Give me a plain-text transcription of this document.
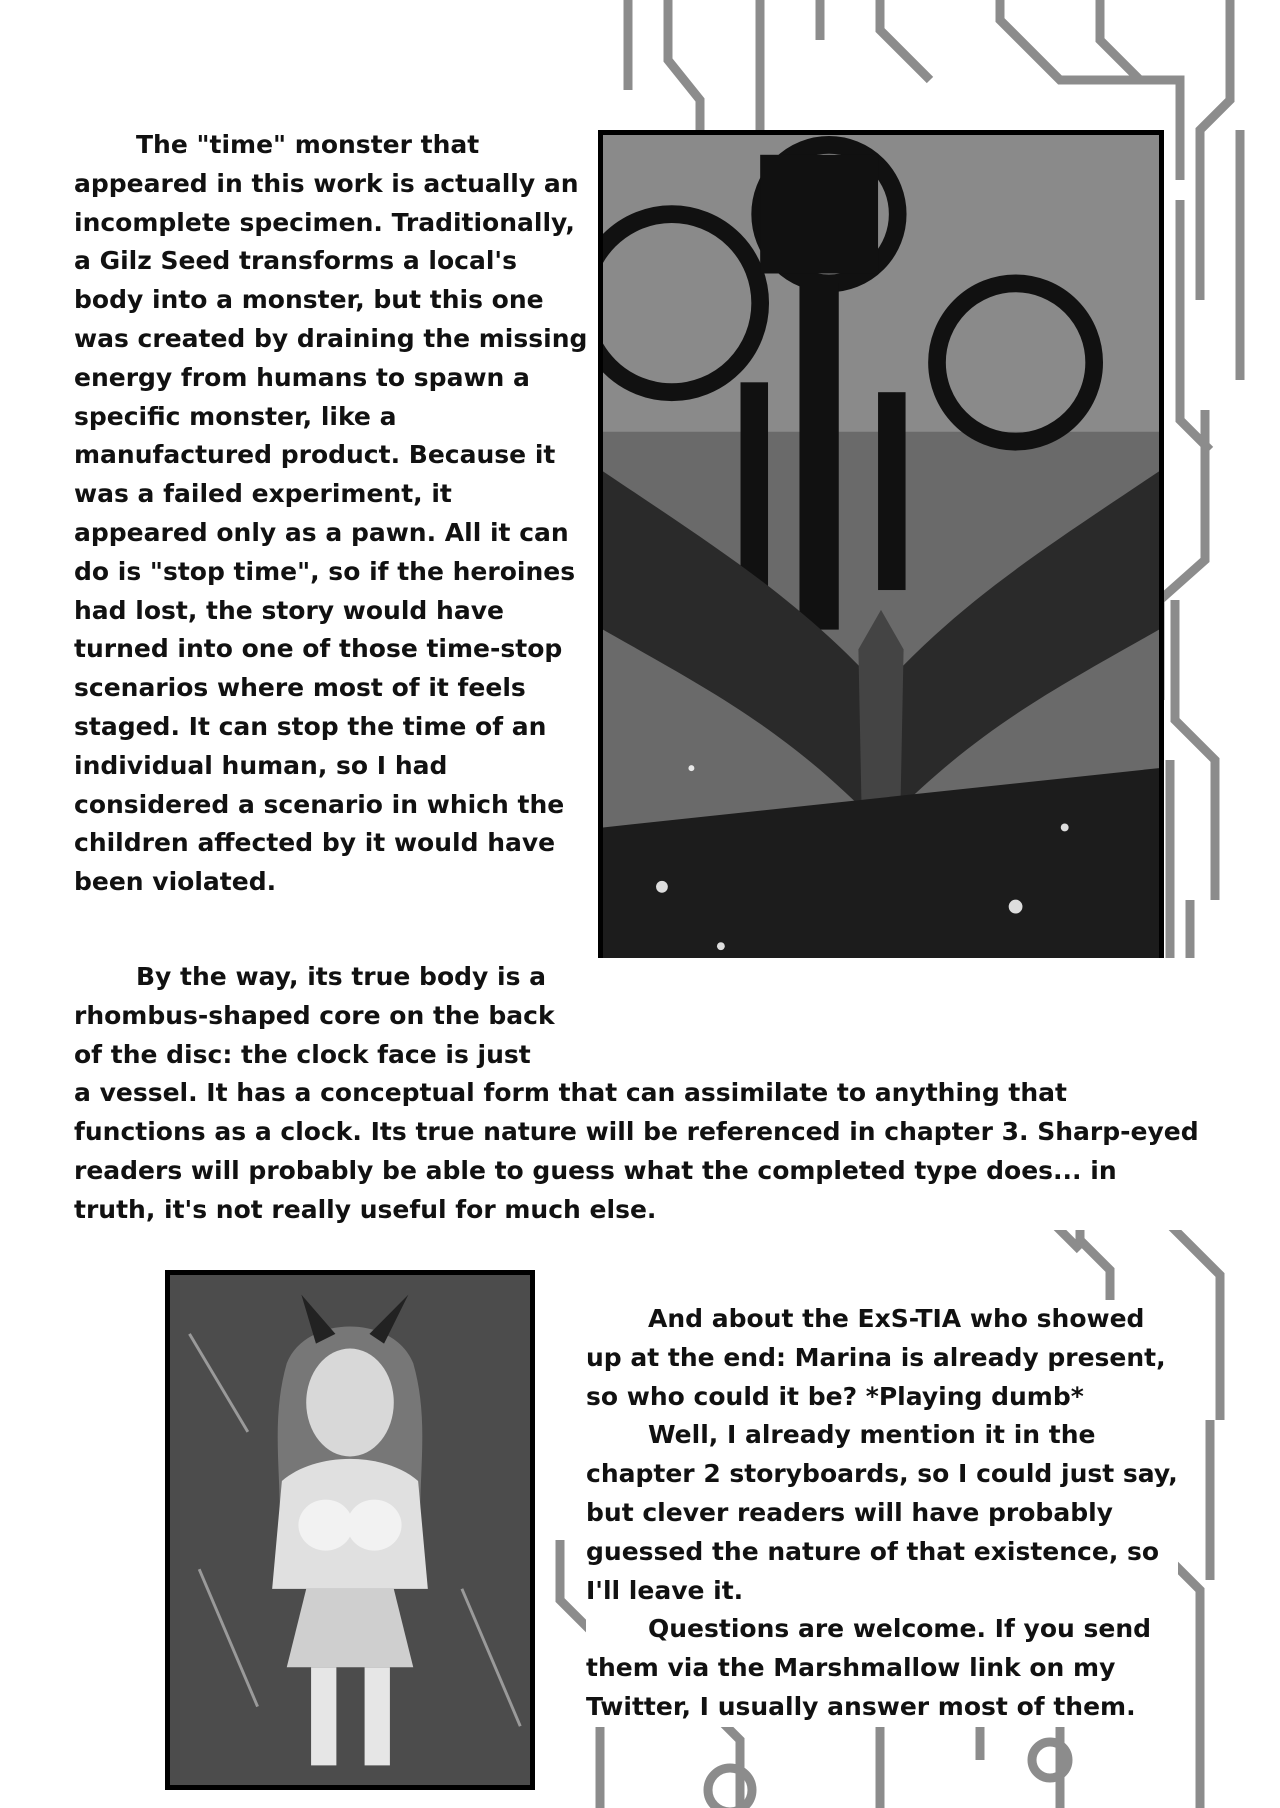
The "time" monster that
appeared in this work is actually an
incomplete specimen. Traditionally,
a Gilz Seed transforms a local's
body into a monster, but this one
was created by draining the missing
energy from humans to spawn a
specific monster, like a
manufactured product. Because it
was a failed experiment, it
appeared only as a pawn. All it can
do is "stop time", so if the heroines
had lost, the story would have
turned into one of those time-stop
scenarios where most of it feels
staged. It can stop the time of an
individual human, so I had
considered a scenario in which the
children affected by it would have
been violated.
By the way, its true body is a
rhombus-shaped core on the back
of the disc: the clock face is just
a vessel. It has a conceptual form that can assimilate to anything that
functions as a clock. Its true nature will be referenced in chapter 3. Sharp-eyed
readers will probably be able to guess what the completed type does... in
truth, it's not really useful for much else.
And about the ExS-TIA who showed
up at the end: Marina is already present,
so who could it be? *Playing dumb*
Well, I already mention it in the
chapter 2 storyboards, so I could just say,
but clever readers will have probably
guessed the nature of that existence, so
I'll leave it.
Questions are welcome. If you send
them via the Marshmallow link on my
Twitter, I usually answer most of them.
